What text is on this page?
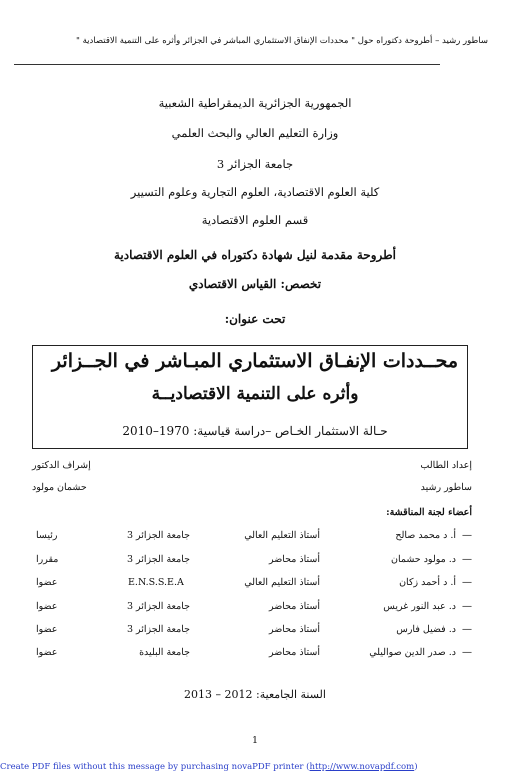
ساطور رشيد – أطروحة دكتوراه حول " محددات الإنفاق الاستثماري المباشر في الجزائر وأثره على التنمية الاقتصادية "
الجمهورية الجزائرية الديمقراطية الشعبية
وزارة التعليم العالي والبحث العلمي
جامعة الجزائر 3
كلية العلوم الاقتصادية، العلوم التجارية وعلوم التسيير
قسم العلوم الاقتصادية
أطروحة مقدمة لنيل شهادة دكتوراه في العلوم الاقتصادية
تخصص: القياس الاقتصادي
تحت عنوان:
محــددات الإنفـاق الاستثماري المبـاشر في الجــزائر
وأثره على التنمية الاقتصاديــة
حـالة الاستثمار الخـاص –دراسة قياسية: 1970–2010
إعداد الطالب
ساطور رشيد
إشراف الدكتور
حشمان مولود
أعضاء لجنة المناقشة:
—
أ. د محمد صالح
أستاذ التعليم العالي
جامعة الجزائر 3
رئيسا
—
د. مولود حشمان
أستاذ محاضر
جامعة الجزائر 3
مقررا
—
أ. د أحمد زكان
أستاذ التعليم العالي
E.N.S.S.E.A
عضوا
—
د. عبد النور غريس
أستاذ محاضر
جامعة الجزائر 3
عضوا
—
د. فضيل فارس
أستاذ محاضر
جامعة الجزائر 3
عضوا
—
د. صدر الدين صواليلي
أستاذ محاضر
جامعة البليدة
عضوا
السنة الجامعية: 2012 – 2013
1
Create PDF files without this message by purchasing novaPDF printer (http://www.novapdf.com)
